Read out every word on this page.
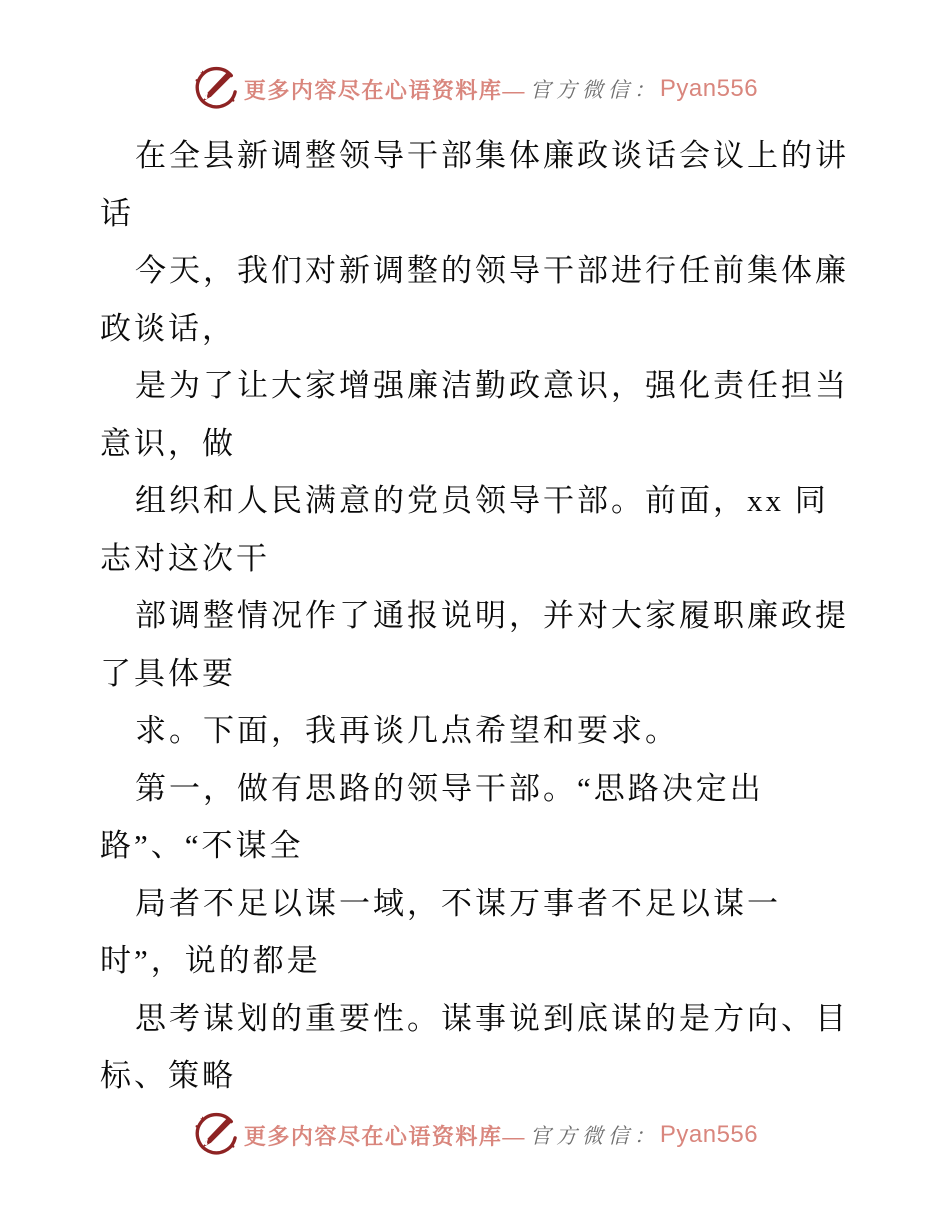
更多内容尽在心语资料库— 官方微信： Pyan556
在全县新调整领导干部集体廉政谈话会议上的讲
话
今天，我们对新调整的领导干部进行任前集体廉
政谈话，
是为了让大家增强廉洁勤政意识，强化责任担当
意识，做
组织和人民满意的党员领导干部。前面，xx 同
志对这次干
部调整情况作了通报说明，并对大家履职廉政提
了具体要
求。下面，我再谈几点希望和要求。
第一，做有思路的领导干部。“思路决定出
路”、“不谋全
局者不足以谋一域，不谋万事者不足以谋一
时”，说的都是
思考谋划的重要性。谋事说到底谋的是方向、目
标、策略
更多内容尽在心语资料库— 官方微信： Pyan556
